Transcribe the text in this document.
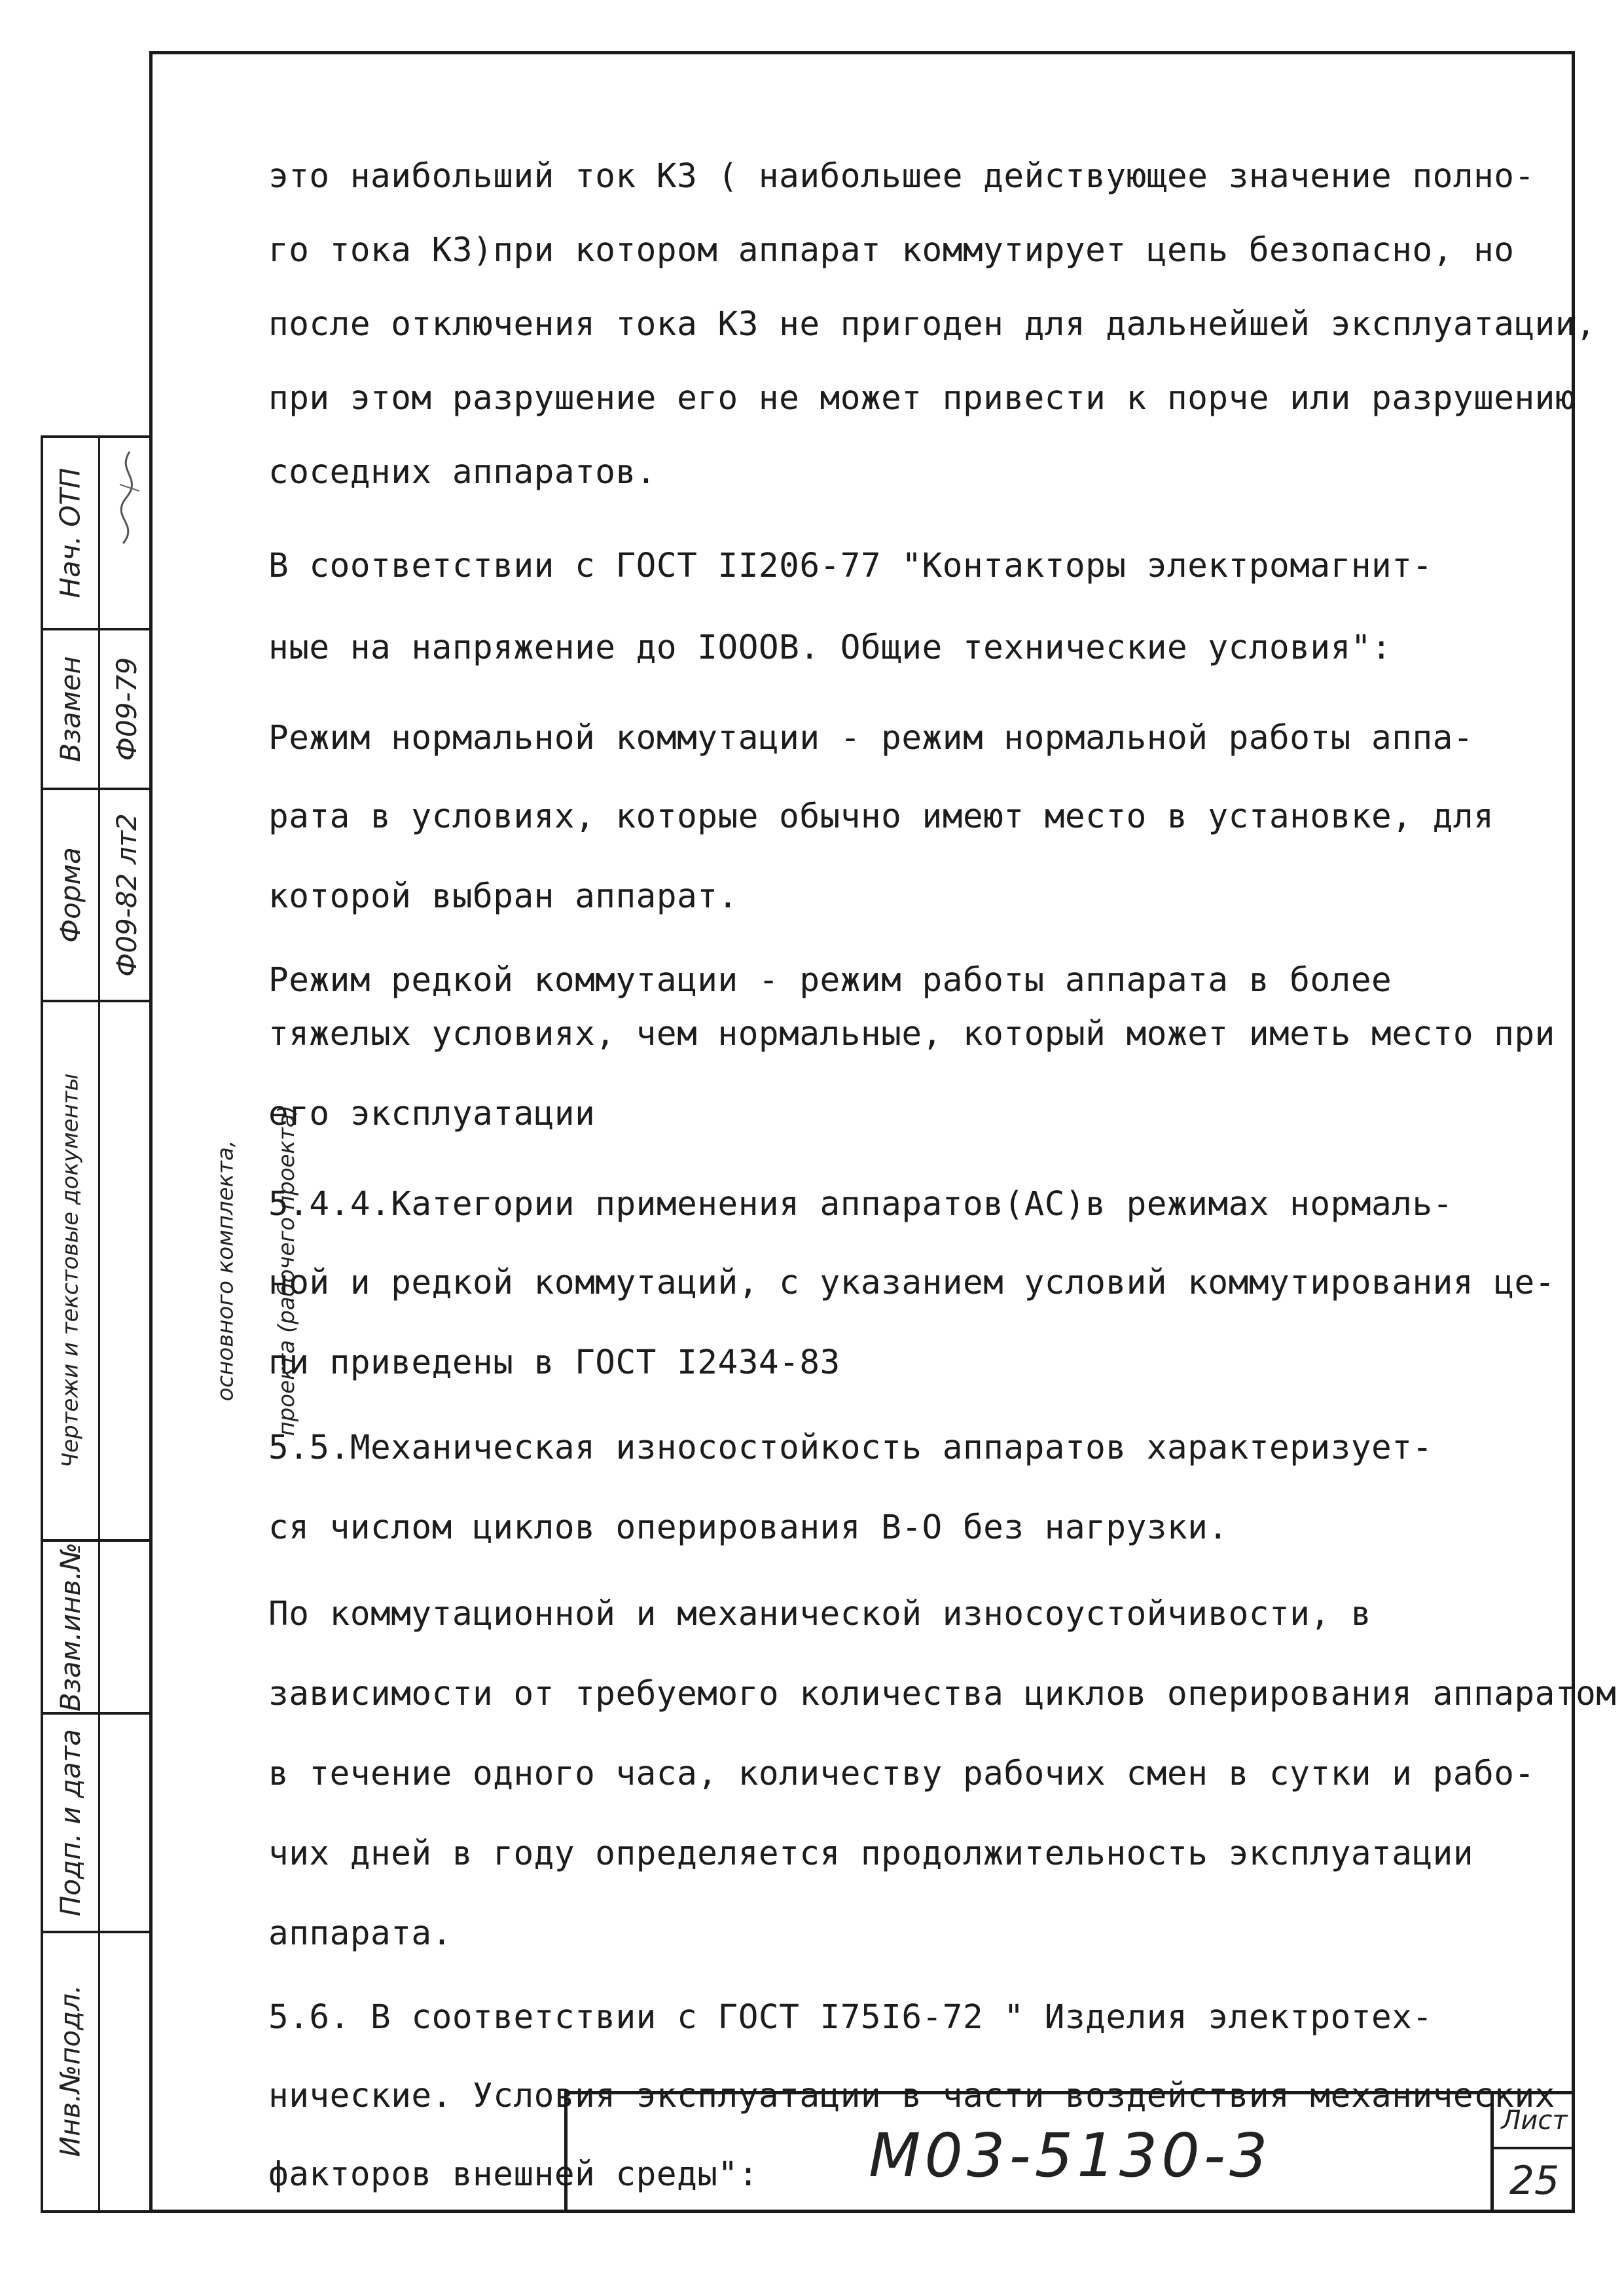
Нач. ОТП
Взамен Ф09-79
Форма Ф09-82 лт2
Чертежи и текстовые документы	основного комплекта, проекта (рабочего проекта)
Взам.инв.№
Подп. и дата
Инв.№подл.
это наибольший ток КЗ ( наибольшее действующее значение полно-
го тока КЗ)при котором аппарат коммутирует цепь безопасно, но
после отключения тока КЗ не пригоден для дальнейшей эксплуатации,
при этом разрушение его не может привести к порче или разрушению
соседних аппаратов.
В соответствии с ГОСТ II206-77 "Контакторы электромагнит-
ные на напряжение до IOOOB. Общие технические условия":
Режим нормальной коммутации - режим нормальной работы аппа-
рата в условиях, которые обычно имеют место в установке, для
которой выбран аппарат.
Режим редкой коммутации - режим работы аппарата в более
тяжелых условиях, чем нормальные, который может иметь место при
его эксплуатации
5.4.4.Категории применения аппаратов(АС)в режимах нормаль-
ной и редкой коммутаций, с указанием условий коммутирования це-
пи приведены в ГОСТ I2434-83
5.5.Механическая износостойкость аппаратов характеризует-
ся числом циклов оперирования В-О без нагрузки.
По коммутационной и механической износоустойчивости, в
зависимости от требуемого количества циклов оперирования аппаратом
в течение одного часа, количеству рабочих смен в сутки и рабо-
чих дней в году определяется продолжительность эксплуатации
аппарата.
5.6. В соответствии с ГОСТ I75I6-72 " Изделия электротех-
нические. Условия эксплуатации в части воздействия механических
факторов внешней среды": М03-5130-3	Лист
25
